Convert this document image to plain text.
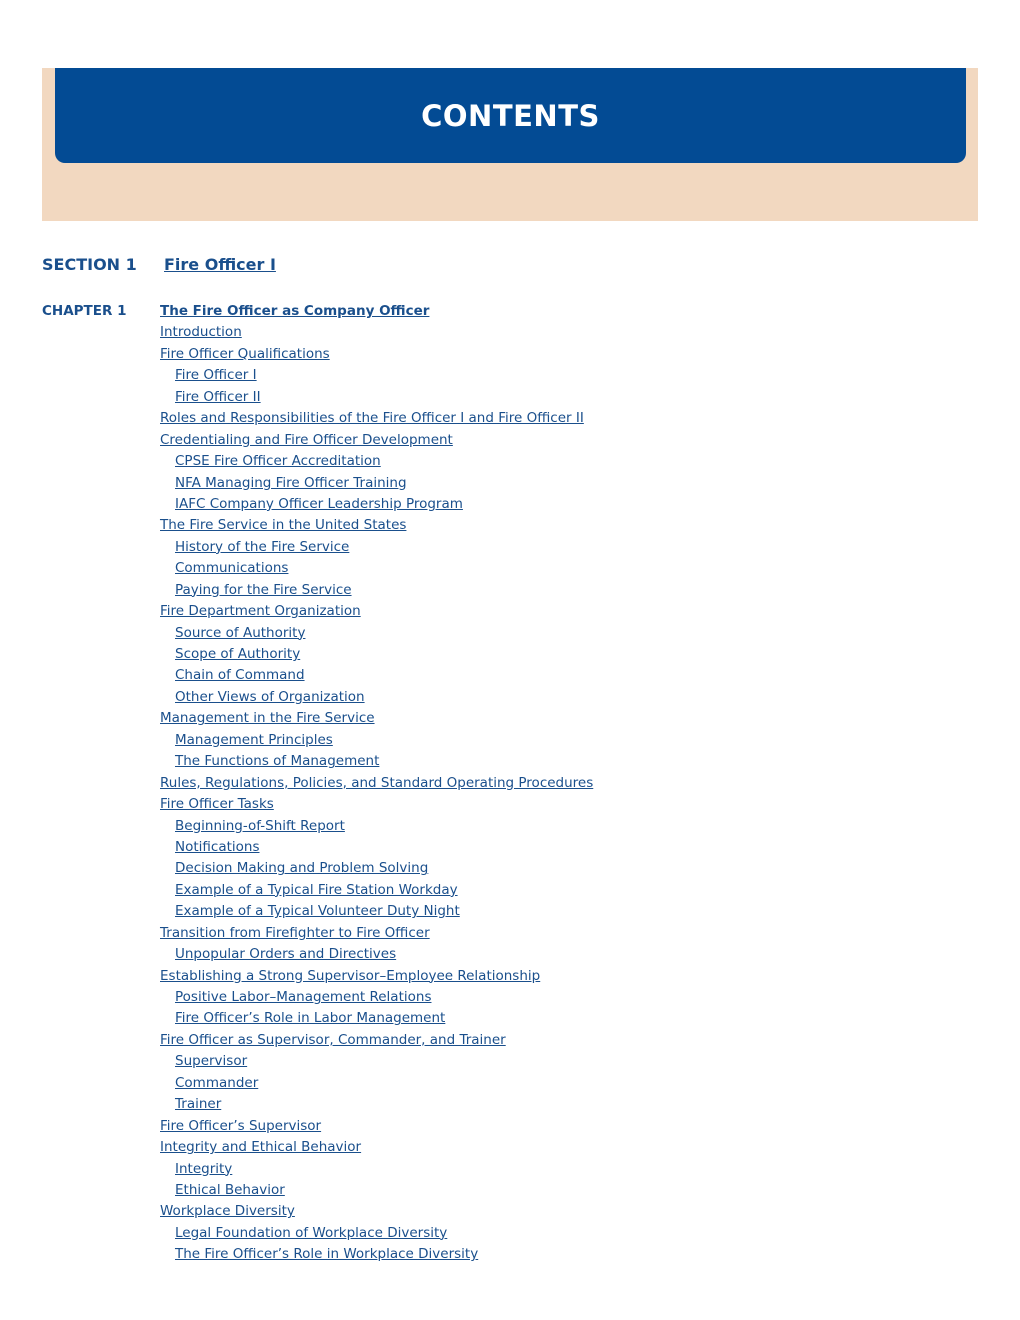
CONTENTS
SECTION 1 Fire Officer I
CHAPTER 1 The Fire Officer as Company Officer
Introduction
Fire Officer Qualifications
Fire Officer I
Fire Officer II
Roles and Responsibilities of the Fire Officer I and Fire Officer II
Credentialing and Fire Officer Development
CPSE Fire Officer Accreditation
NFA Managing Fire Officer Training
IAFC Company Officer Leadership Program
The Fire Service in the United States
History of the Fire Service
Communications
Paying for the Fire Service
Fire Department Organization
Source of Authority
Scope of Authority
Chain of Command
Other Views of Organization
Management in the Fire Service
Management Principles
The Functions of Management
Rules, Regulations, Policies, and Standard Operating Procedures
Fire Officer Tasks
Beginning-of-Shift Report
Notifications
Decision Making and Problem Solving
Example of a Typical Fire Station Workday
Example of a Typical Volunteer Duty Night
Transition from Firefighter to Fire Officer
Unpopular Orders and Directives
Establishing a Strong Supervisor–Employee Relationship
Positive Labor–Management Relations
Fire Officer’s Role in Labor Management
Fire Officer as Supervisor, Commander, and Trainer
Supervisor
Commander
Trainer
Fire Officer’s Supervisor
Integrity and Ethical Behavior
Integrity
Ethical Behavior
Workplace Diversity
Legal Foundation of Workplace Diversity
The Fire Officer’s Role in Workplace Diversity
